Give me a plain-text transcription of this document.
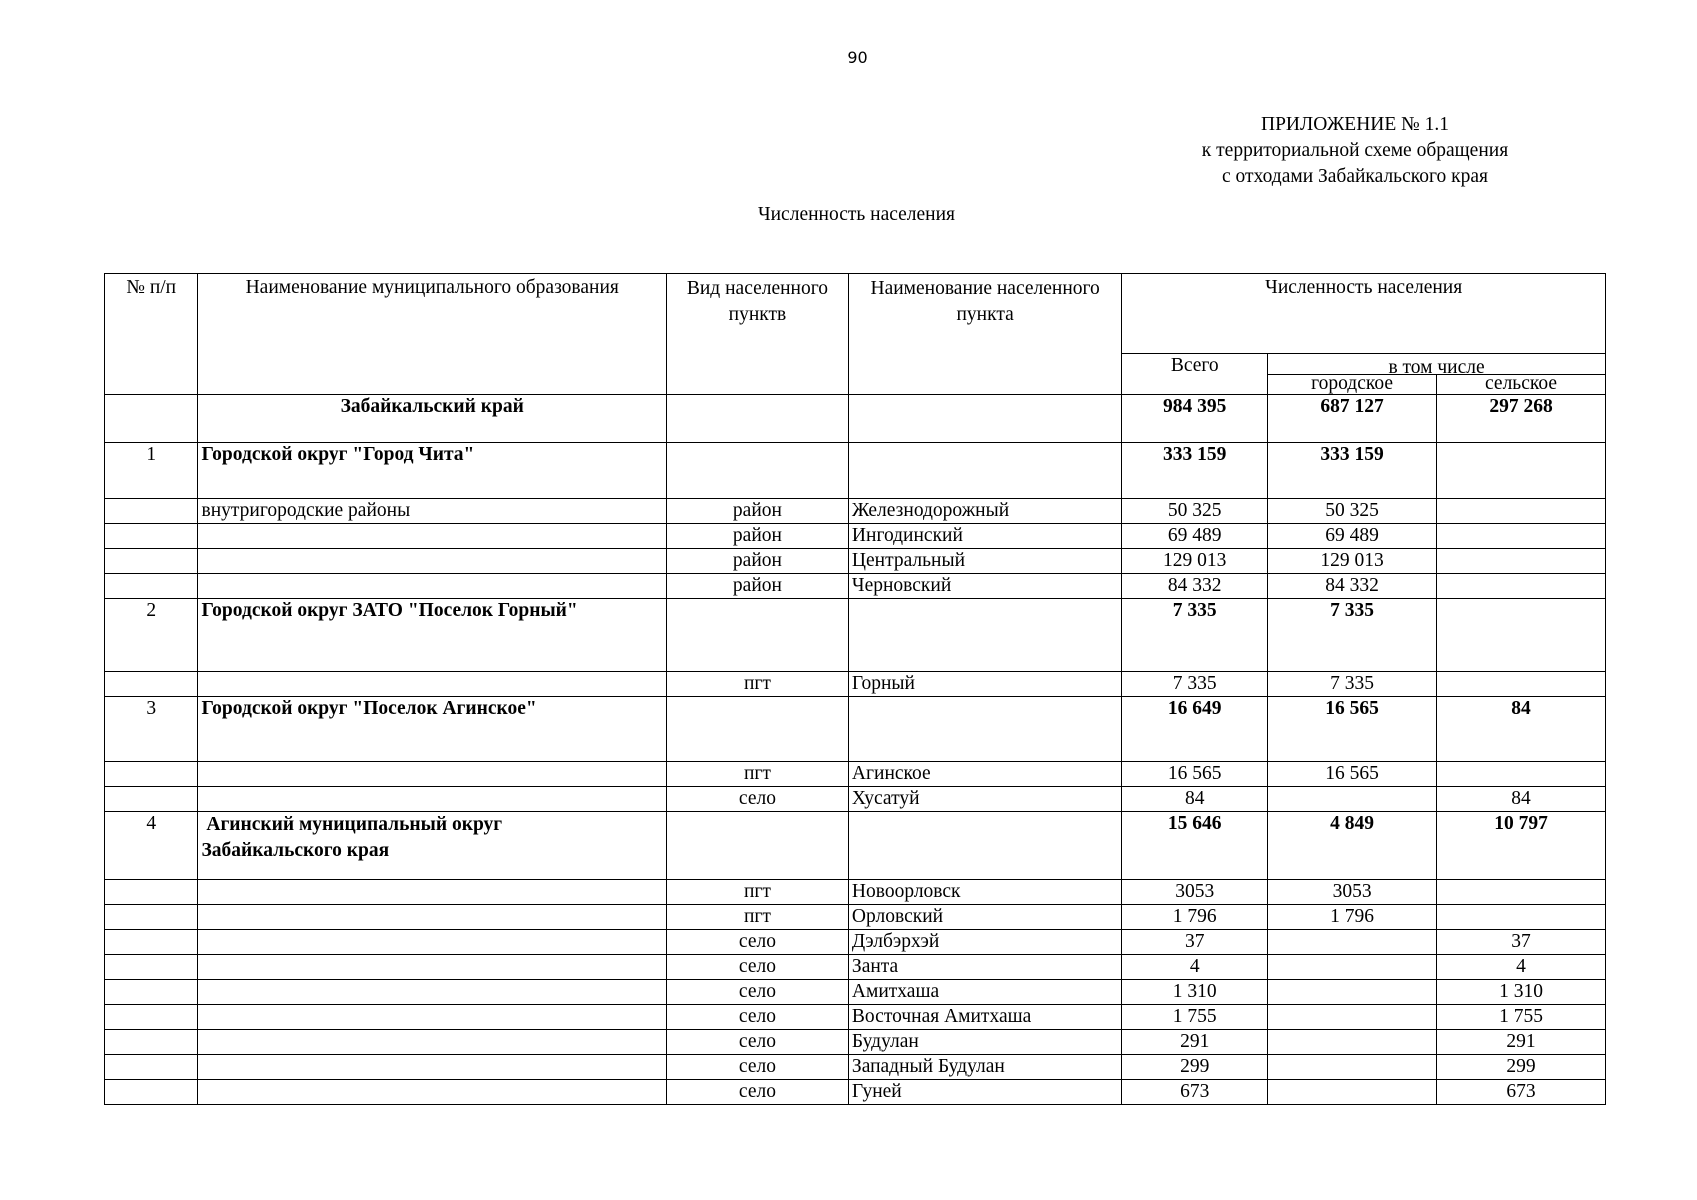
90
ПРИЛОЖЕНИЕ № 1.1
к территориальной схеме обращения
с отходами Забайкальского края
Численность населения
№ п/п	Наименование муниципального образования	Вид населенного пунктв	Наименование населенного пункта	Численность населения		
				Всего	в том числе	

					городское	сельское
	Забайкальский край			984 395	687 127	297 268
1	Городской округ "Город Чита"			333 159	333 159	
	внутригородские районы	район	Железнодорожный	50 325	50 325	
		район	Ингодинский	69 489	69 489	
		район	Центральный	129 013	129 013	
		район	Черновский	84 332	84 332	
2	Городской округ ЗАТО "Поселок Горный"			7 335	7 335	
		пгт	Горный	7 335	7 335	
3	Городской округ "Поселок Агинское"			16 649	16 565	84
		пгт	Агинское	16 565	16 565	
		село	Хусатуй	84		84
4	Агинский муниципальный округ
Забайкальского края			15 646	4 849	10 797
		пгт	Новоорловск	3053	3053	
		пгт	Орловский	1 796	1 796	
		село	Дэлбэрхэй	37		37
		село	Занта	4		4
		село	Амитхаша	1 310		1 310
		село	Восточная Амитхаша	1 755		1 755
		село	Будулан	291		291
		село	Западный Будулан	299		299
		село	Гуней	673		673
